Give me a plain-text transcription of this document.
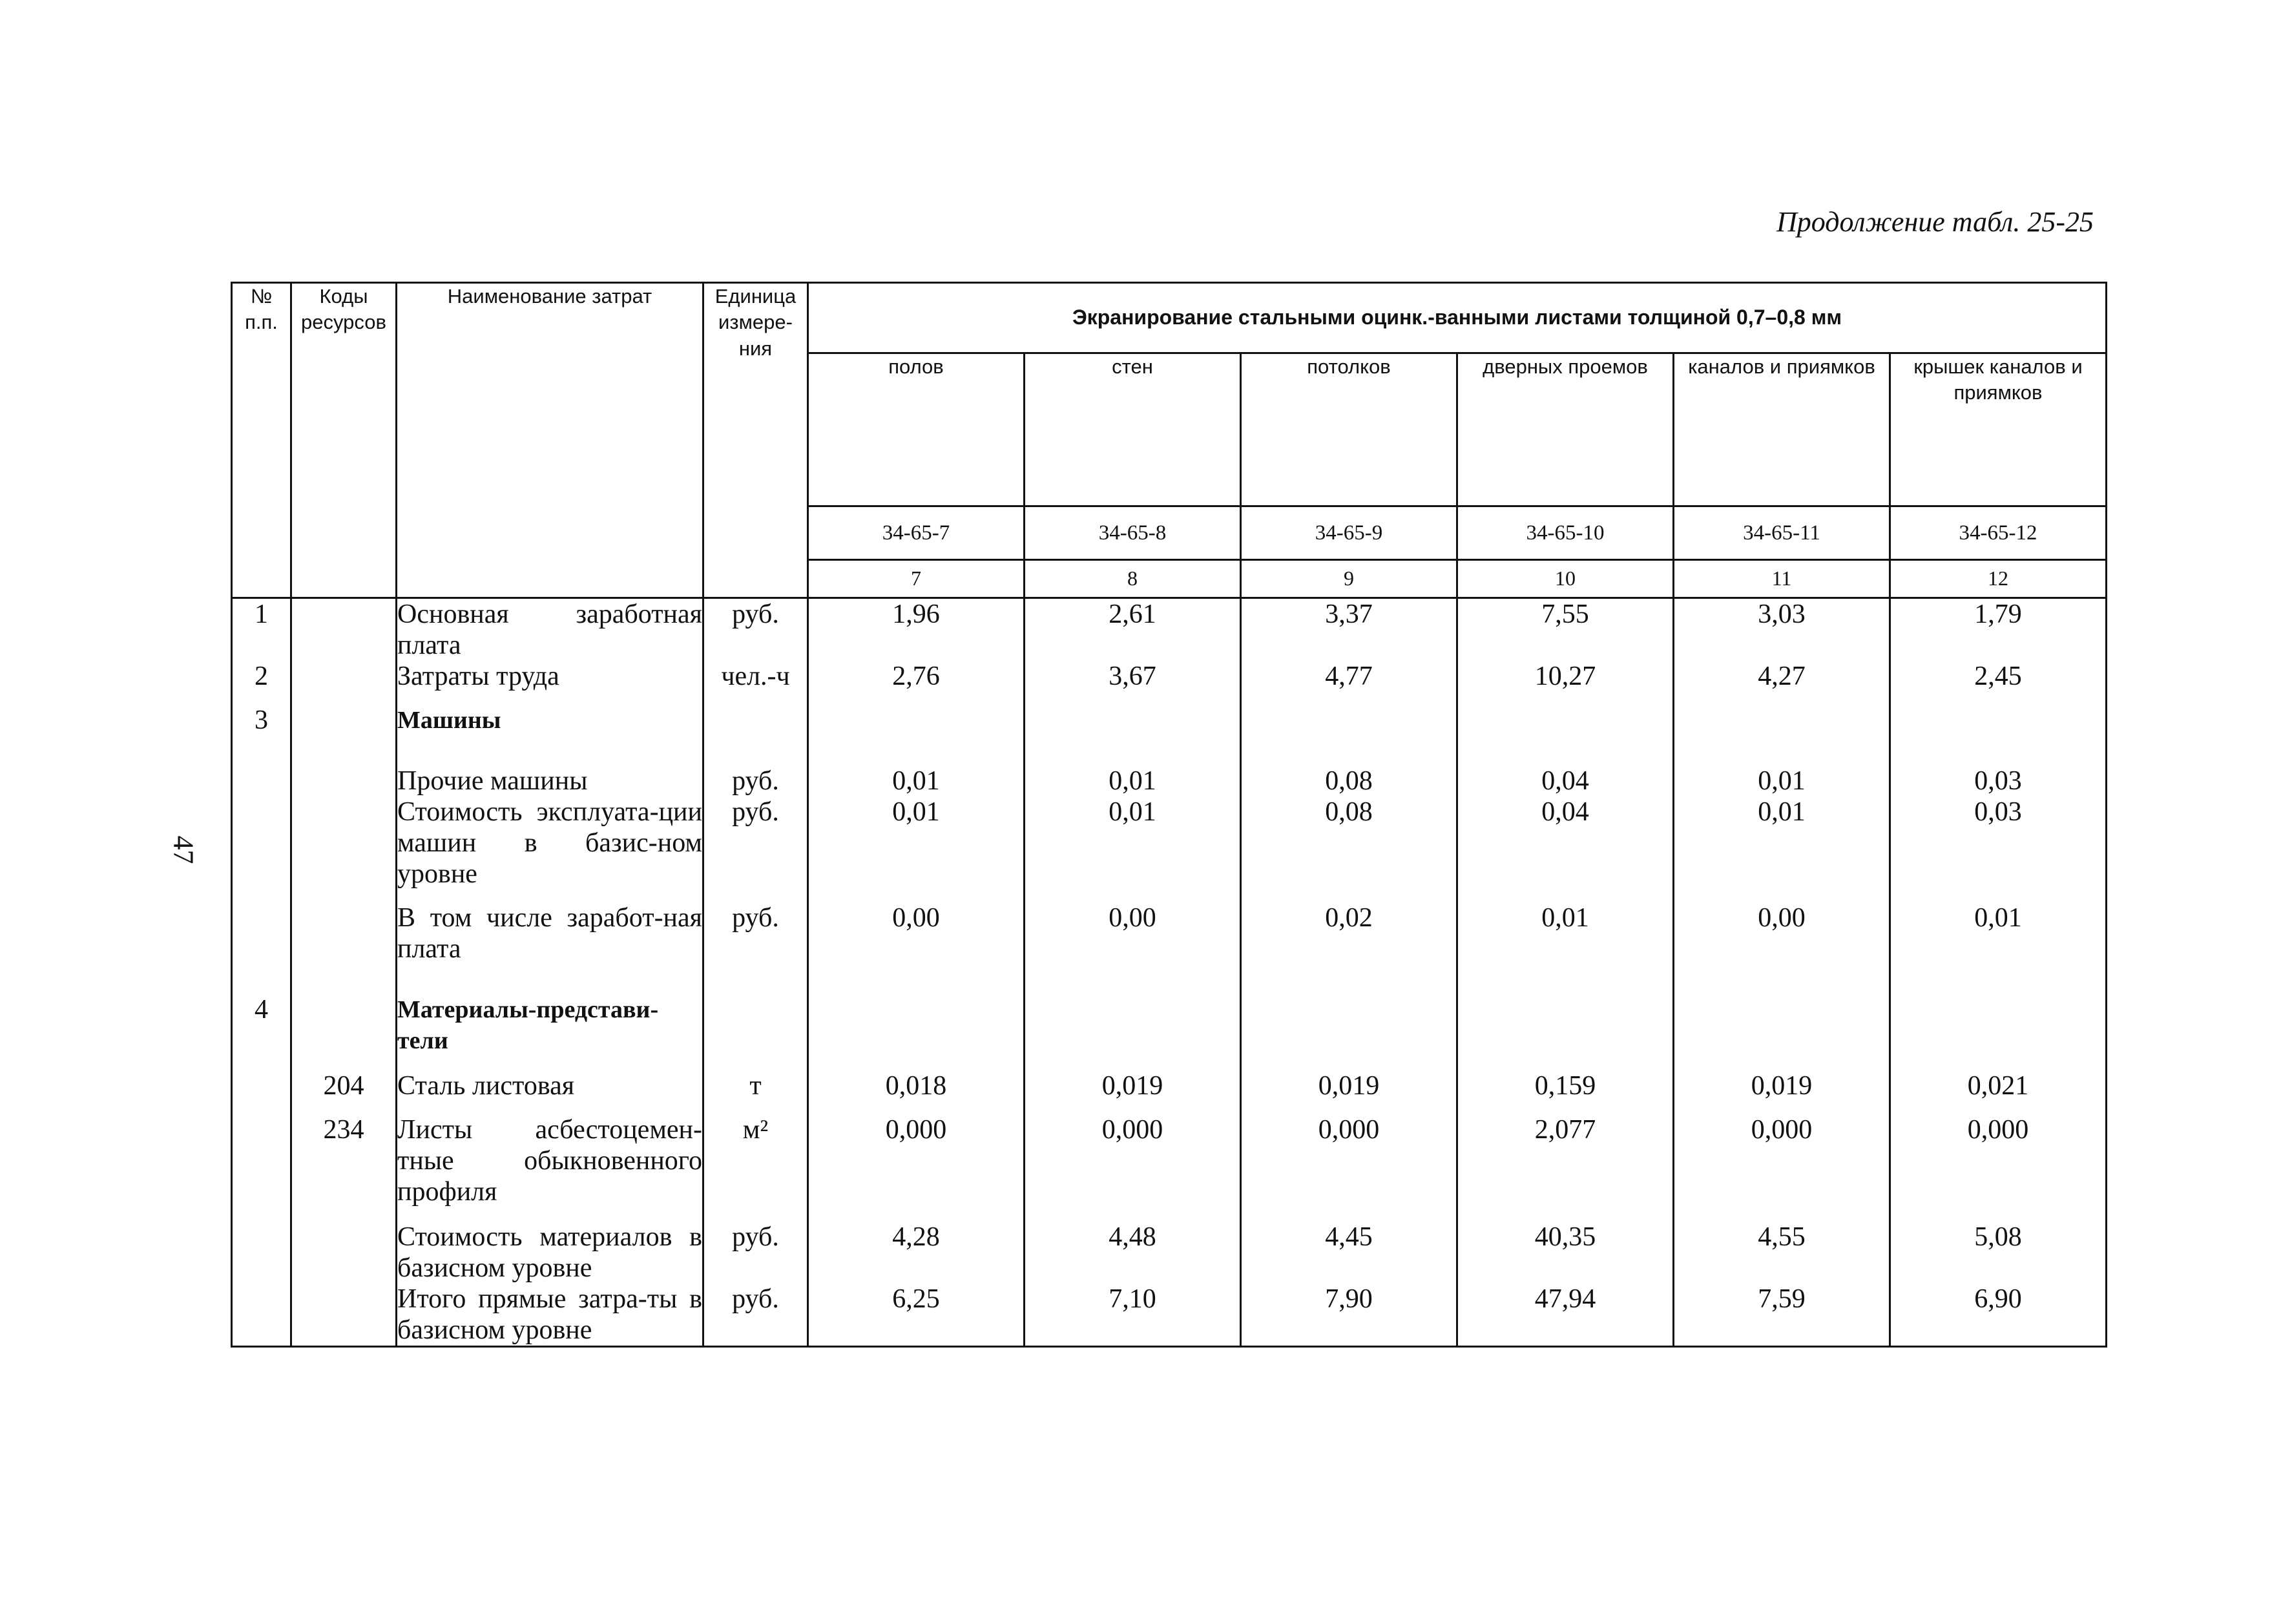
Продолжение табл. 25-25
47
№ п.п.	Коды ресурсов	Наименование затрат	Единица измере-ния	Экранирование стальными оцинк.-ванными листами толщиной 0,7–0,8 мм					
				полов	стен	потолков	дверных проемов	каналов и приямков	крышек каналов и приямков
				34-65-7	34-65-8	34-65-9	34-65-10	34-65-11	34-65-12
				7	8	9	10	11	12
1		Основная заработная плата	руб.	1,96	2,61	3,37	7,55	3,03	1,79
2		Затраты труда	чел.-ч	2,76	3,67	4,77	10,27	4,27	2,45

3		Машины							

		Прочие машины	руб.	0,01	0,01	0,08	0,04	0,01	0,03
		Стоимость эксплуата-ции машин в базис-ном уровне	руб.	0,01	0,01	0,08	0,04	0,01	0,03

		В том числе заработ-ная плата	руб.	0,00	0,00	0,02	0,01	0,00	0,01

4		Материалы-представи-тели							

	204	Сталь листовая	т	0,018	0,019	0,019	0,159	0,019	0,021

	234	Листы асбестоцемен-тные обыкновенного профиля	м²	0,000	0,000	0,000	2,077	0,000	0,000

		Стоимость материалов в базисном уровне	руб.	4,28	4,48	4,45	40,35	4,55	5,08
		Итого прямые затра-ты в базисном уровне	руб.	6,25	7,10	7,90	47,94	7,59	6,90
